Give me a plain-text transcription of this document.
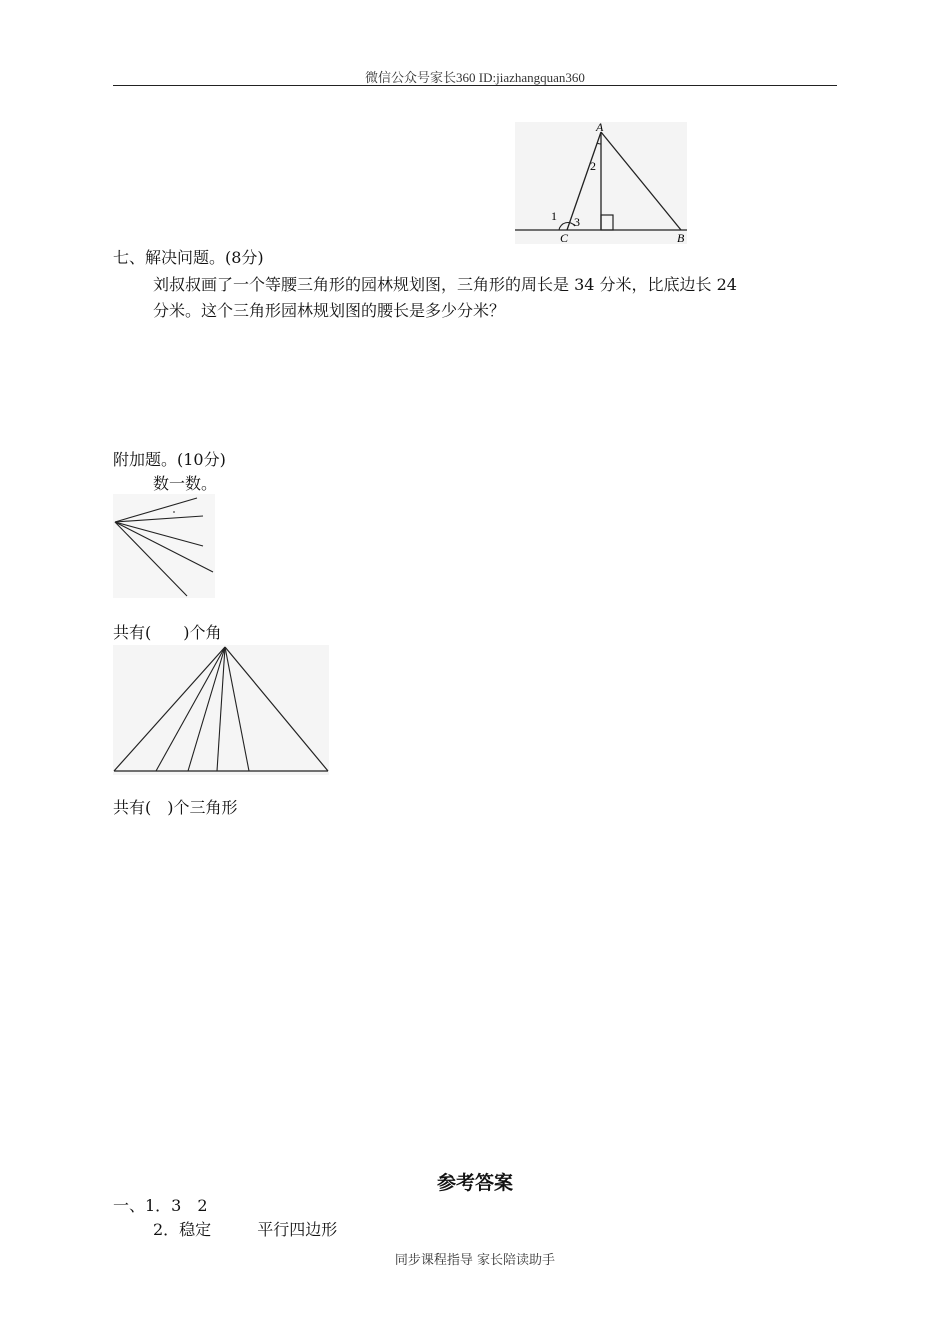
微信公众号家长360 ID:jiazhangquan360
A
B
C
1
2
3
七、解决问题。(8分)
刘叔叔画了一个等腰三角形的园林规划图，三角形的周长是 34 分米，比底边长 24
分米。这个三角形园林规划图的腰长是多少分米？
附加题。(10分)
数一数。
共有( )个角
共有( )个三角形
参考答案
一、1．3　2
2．稳定	平行四边形
同步课程指导 家长陪读助手
